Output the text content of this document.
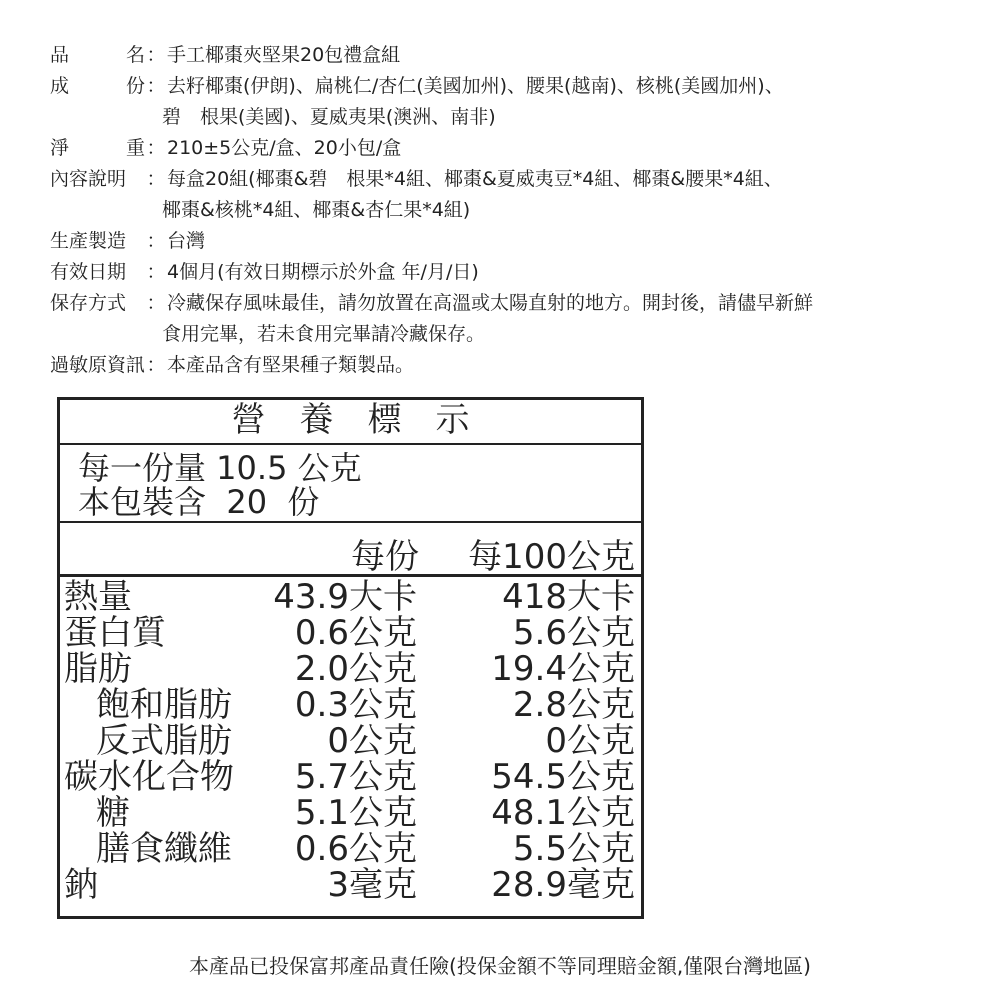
品	名 ： 手工椰棗夾堅果20包禮盒組
成	份 ： 去籽椰棗(伊朗)、扁桃仁/杏仁(美國加州)、腰果(越南)、核桃(美國加州)、
碧　根果(美國)、夏威夷果(澳洲、南非)
淨	重 ： 210±5公克/盒、20小包/盒
內容說明	： 每盒20組(椰棗&碧　根果*4組、椰棗&夏威夷豆*4組、椰棗&腰果*4組、
椰棗&核桃*4組、椰棗&杏仁果*4組)
生產製造	： 台灣
有效日期	： 4個月(有效日期標示於外盒 年/月/日)
保存方式	： 冷藏保存風味最佳，請勿放置在高溫或太陽直射的地方。開封後，請儘早新鮮
食用完畢，若未食用完畢請冷藏保存。
過敏原資訊 ： 本產品含有堅果種子類製品。
營　養　標　示
每一份量 10.5 公克
本包裝含  20  份
每份 每100公克
熱量	43.9大卡	418大卡
蛋白質	0.6公克	5.6公克
脂肪	2.0公克 19.4公克
飽和脂肪 0.3公克	2.8公克
反式脂肪	0公克	0公克
碳水化合物 5.7公克 54.5公克
糖	5.1公克 48.1公克
膳食纖維 0.6公克	5.5公克
鈉	3毫克 28.9毫克
本產品已投保富邦產品責任險(投保金額不等同理賠金額,僅限台灣地區)
